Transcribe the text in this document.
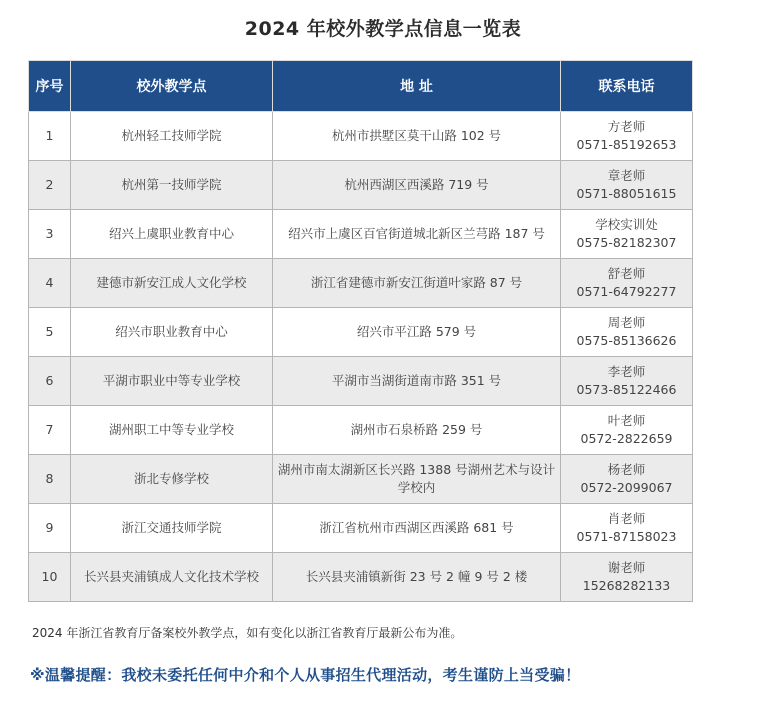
2024 年校外教学点信息一览表
序号	校外教学点	地 址	联系电话
1	杭州轻工技师学院	杭州市拱墅区莫干山路 102 号	方老师
0571-85192653

2	杭州第一技师学院	杭州西湖区西溪路 719 号	章老师
0571-88051615

3	绍兴上虞职业教育中心	绍兴市上虞区百官街道城北新区兰芎路 187 号	学校实训处
0575-82182307

4	建德市新安江成人文化学校	浙江省建德市新安江街道叶家路 87 号	舒老师
0571-64792277

5	绍兴市职业教育中心	绍兴市平江路 579 号	周老师
0575-85136626

6	平湖市职业中等专业学校	平湖市当湖街道南市路 351 号	李老师
0573-85122466

7	湖州职工中等专业学校	湖州市石泉桥路 259 号	叶老师
0572-2822659

8	浙北专修学校	湖州市南太湖新区长兴路 1388 号湖州艺术与设计学校内	杨老师
0572-2099067

9	浙江交通技师学院	浙江省杭州市西湖区西溪路 681 号	肖老师
0571-87158023

10	长兴县夹浦镇成人文化技术学校	长兴县夹浦镇新街 23 号 2 幢 9 号 2 楼	谢老师
15268282133
2024 年浙江省教育厅备案校外教学点，如有变化以浙江省教育厅最新公布为准。
※温馨提醒：我校未委托任何中介和个人从事招生代理活动，考生谨防上当受骗！
